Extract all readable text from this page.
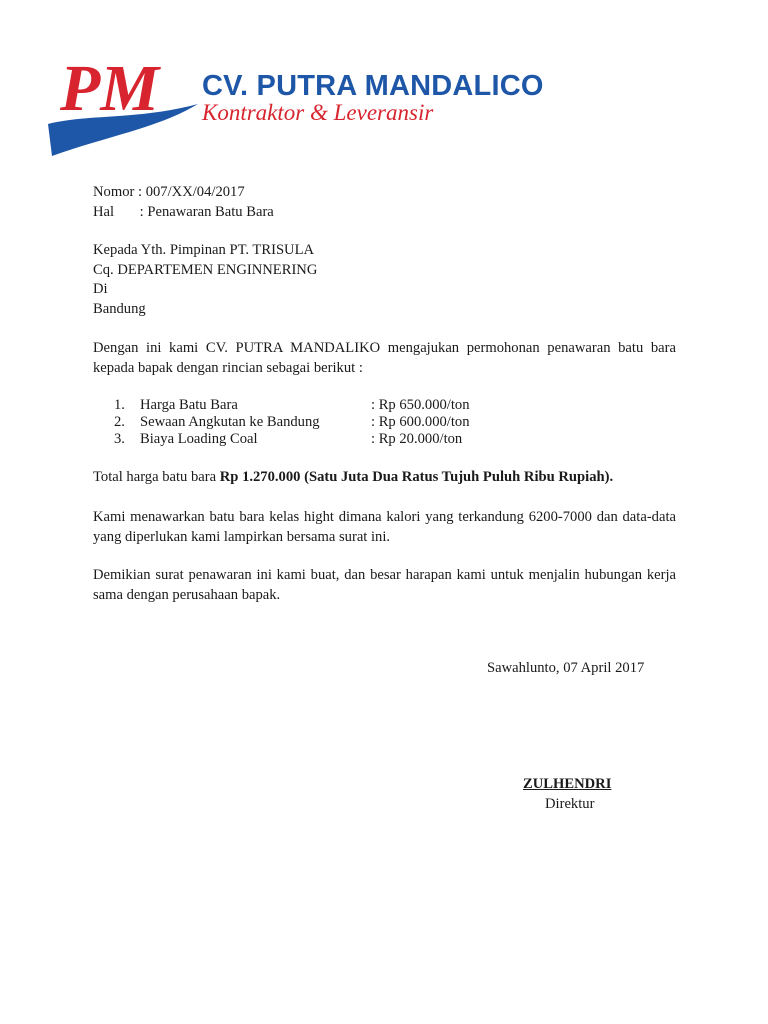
PM CV. PUTRA MANDALICO

Kontraktor & Leveransir

Nomor : 007/XX/04/2017
Hal : Penawaran Batu Bara
Kepada Yth. Pimpinan PT. TRISULA
Cq. DEPARTEMEN ENGINNERING
Di
Bandung
Dengan ini kami CV. PUTRA MANDALIKO mengajukan permohonan penawaran batu bara kepada bapak dengan rincian sebagai berikut :
1. Harga Batu Bara	: Rp 650.000/ton
2. Sewaan Angkutan ke Bandung	: Rp 600.000/ton
3. Biaya Loading Coal	: Rp 20.000/ton
Total harga batu bara Rp 1.270.000 (Satu Juta Dua Ratus Tujuh Puluh Ribu Rupiah).
Kami menawarkan batu bara kelas hight dimana kalori yang terkandung 6200-7000 dan data-data yang diperlukan kami lampirkan bersama surat ini.
Demikian surat penawaran ini kami buat, dan besar harapan kami untuk menjalin hubungan kerja sama dengan perusahaan bapak.
Sawahlunto, 07 April 2017
ZULHENDRI
Direktur
